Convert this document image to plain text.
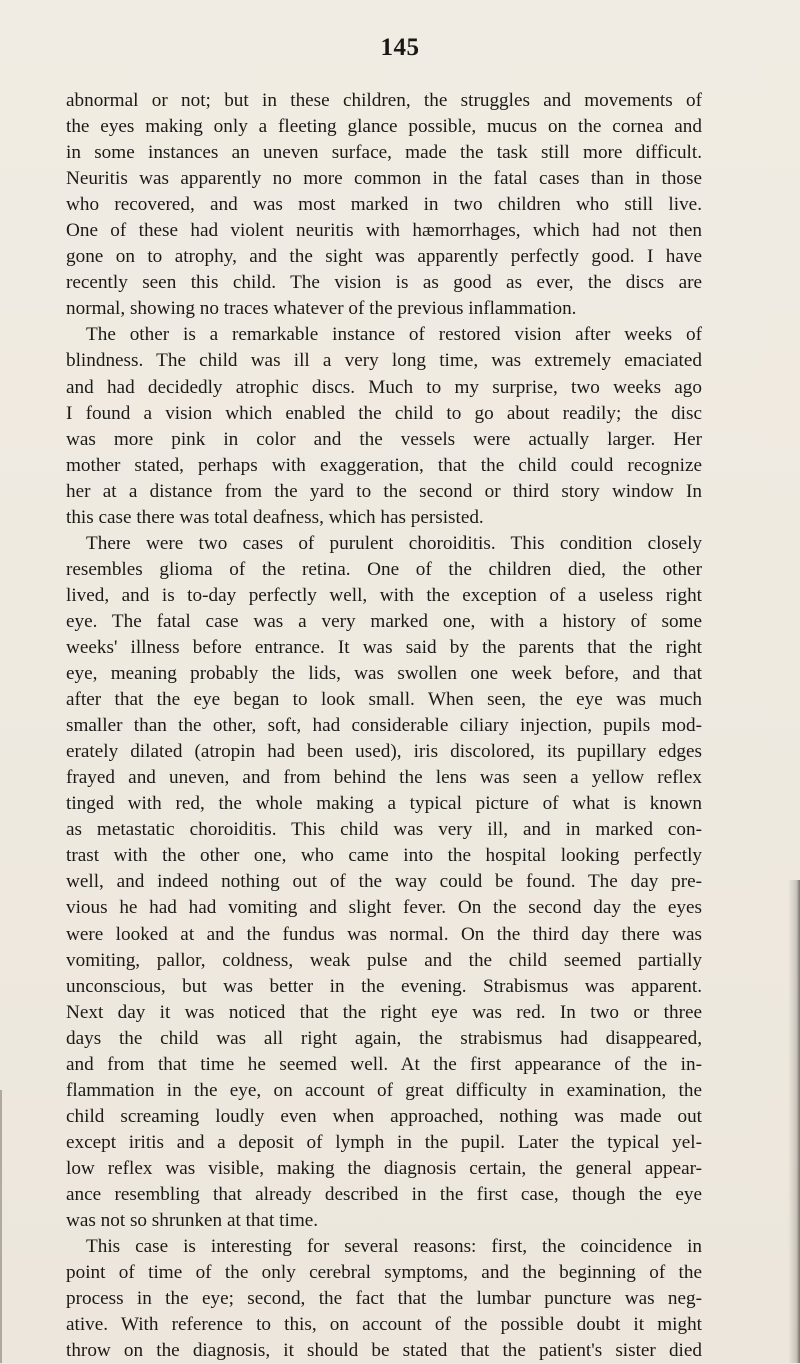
145
abnormal or not; but in these children, the struggles and movements of
the eyes making only a fleeting glance possible, mucus on the cornea and
in some instances an uneven surface, made the task still more difficult.
Neuritis was apparently no more common in the fatal cases than in those
who recovered, and was most marked in two children who still live.
One of these had violent neuritis with hæmorrhages, which had not then
gone on to atrophy, and the sight was apparently perfectly good. I have
recently seen this child. The vision is as good as ever, the discs are
normal, showing no traces whatever of the previous inflammation.
The other is a remarkable instance of restored vision after weeks of
blindness. The child was ill a very long time, was extremely emaciated
and had decidedly atrophic discs. Much to my surprise, two weeks ago
I found a vision which enabled the child to go about readily; the disc
was more pink in color and the vessels were actually larger. Her
mother stated, perhaps with exaggeration, that the child could recognize
her at a distance from the yard to the second or third story window In
this case there was total deafness, which has persisted.
There were two cases of purulent choroiditis. This condition closely
resembles glioma of the retina. One of the children died, the other
lived, and is to-day perfectly well, with the exception of a useless right
eye. The fatal case was a very marked one, with a history of some
weeks' illness before entrance. It was said by the parents that the right
eye, meaning probably the lids, was swollen one week before, and that
after that the eye began to look small. When seen, the eye was much
smaller than the other, soft, had considerable ciliary injection, pupils mod-
erately dilated (atropin had been used), iris discolored, its pupillary edges
frayed and uneven, and from behind the lens was seen a yellow reflex
tinged with red, the whole making a typical picture of what is known
as metastatic choroiditis. This child was very ill, and in marked con-
trast with the other one, who came into the hospital looking perfectly
well, and indeed nothing out of the way could be found. The day pre-
vious he had had vomiting and slight fever. On the second day the eyes
were looked at and the fundus was normal. On the third day there was
vomiting, pallor, coldness, weak pulse and the child seemed partially
unconscious, but was better in the evening. Strabismus was apparent.
Next day it was noticed that the right eye was red. In two or three
days the child was all right again, the strabismus had disappeared,
and from that time he seemed well. At the first appearance of the in-
flammation in the eye, on account of great difficulty in examination, the
child screaming loudly even when approached, nothing was made out
except iritis and a deposit of lymph in the pupil. Later the typical yel-
low reflex was visible, making the diagnosis certain, the general appear-
ance resembling that already described in the first case, though the eye
was not so shrunken at that time.
This case is interesting for several reasons: first, the coincidence in
point of time of the only cerebral symptoms, and the beginning of the
process in the eye; second, the fact that the lumbar puncture was neg-
ative. With reference to this, on account of the possible doubt it might
throw on the diagnosis, it should be stated that the patient's sister died
